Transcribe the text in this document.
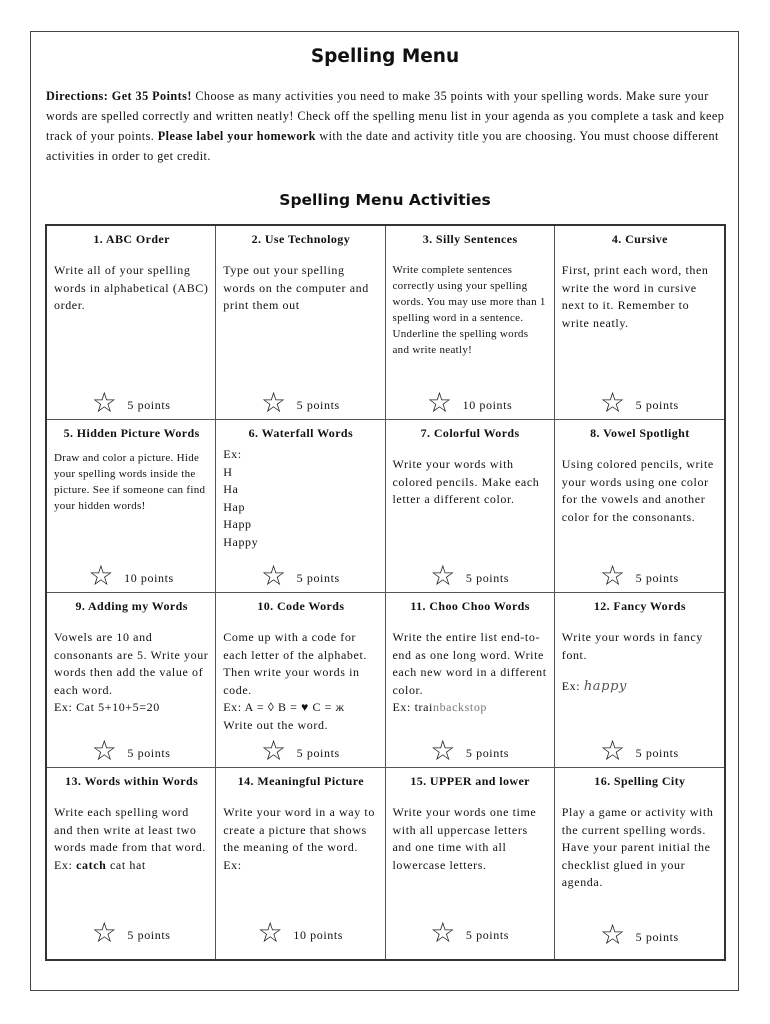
Spelling Menu
Directions: Get 35 Points! Choose as many activities you need to make 35 points with your spelling words. Make sure your words are spelled correctly and written neatly! Check off the spelling menu list in your agenda as you complete a task and keep track of your points. Please label your homework with the date and activity title you are choosing. You must choose different activities in order to get credit.
Spelling Menu Activities
1. ABC Order
Write all of your spelling words in alphabetical (ABC) order.
☆ 5 points
2. Use Technology
Type out your spelling words on the computer and print them out
☆ 5 points
3. Silly Sentences
Write complete sentences correctly using your spelling words. You may use more than 1 spelling word in a sentence. Underline the spelling words and write neatly!
☆ 10 points
4. Cursive
First, print each word, then write the word in cursive next to it. Remember to write neatly.
☆ 5 points
5. Hidden Picture Words
Draw and color a picture. Hide your spelling words inside the picture. See if someone can find your hidden words!
☆ 10 points
6. Waterfall Words
Ex:
H
Ha
Hap
Happ
Happy
☆ 5 points
7. Colorful Words
Write your words with colored pencils. Make each letter a different color.
☆ 5 points
8. Vowel Spotlight
Using colored pencils, write your words using one color for the vowels and another color for the consonants.
☆ 5 points
9. Adding my Words
Vowels are 10 and consonants are 5. Write your words then add the value of each word.
Ex: Cat 5+10+5=20
☆ 5 points
10. Code Words
Come up with a code for each letter of the alphabet. Then write your words in code.
Ex: A = ◊ B = ♥ C = ж
Write out the word.
☆ 5 points
11. Choo Choo Words
Write the entire list end-to-end as one long word. Write each new word in a different color.
Ex: trainbackstop
☆ 5 points
12. Fancy Words
Write your words in fancy font.
Ex: happy
☆ 5 points
13. Words within Words
Write each spelling word and then write at least two words made from that word.
Ex: catch cat hat
☆ 5 points
14. Meaningful Picture
Write your word in a way to create a picture that shows the meaning of the word.
Ex:
☆ 10 points
15. UPPER and lower
Write your words one time with all uppercase letters and one time with all lowercase letters.
☆ 5 points
16. Spelling City
Play a game or activity with the current spelling words. Have your parent initial the checklist glued in your agenda.
☆ 5 points
